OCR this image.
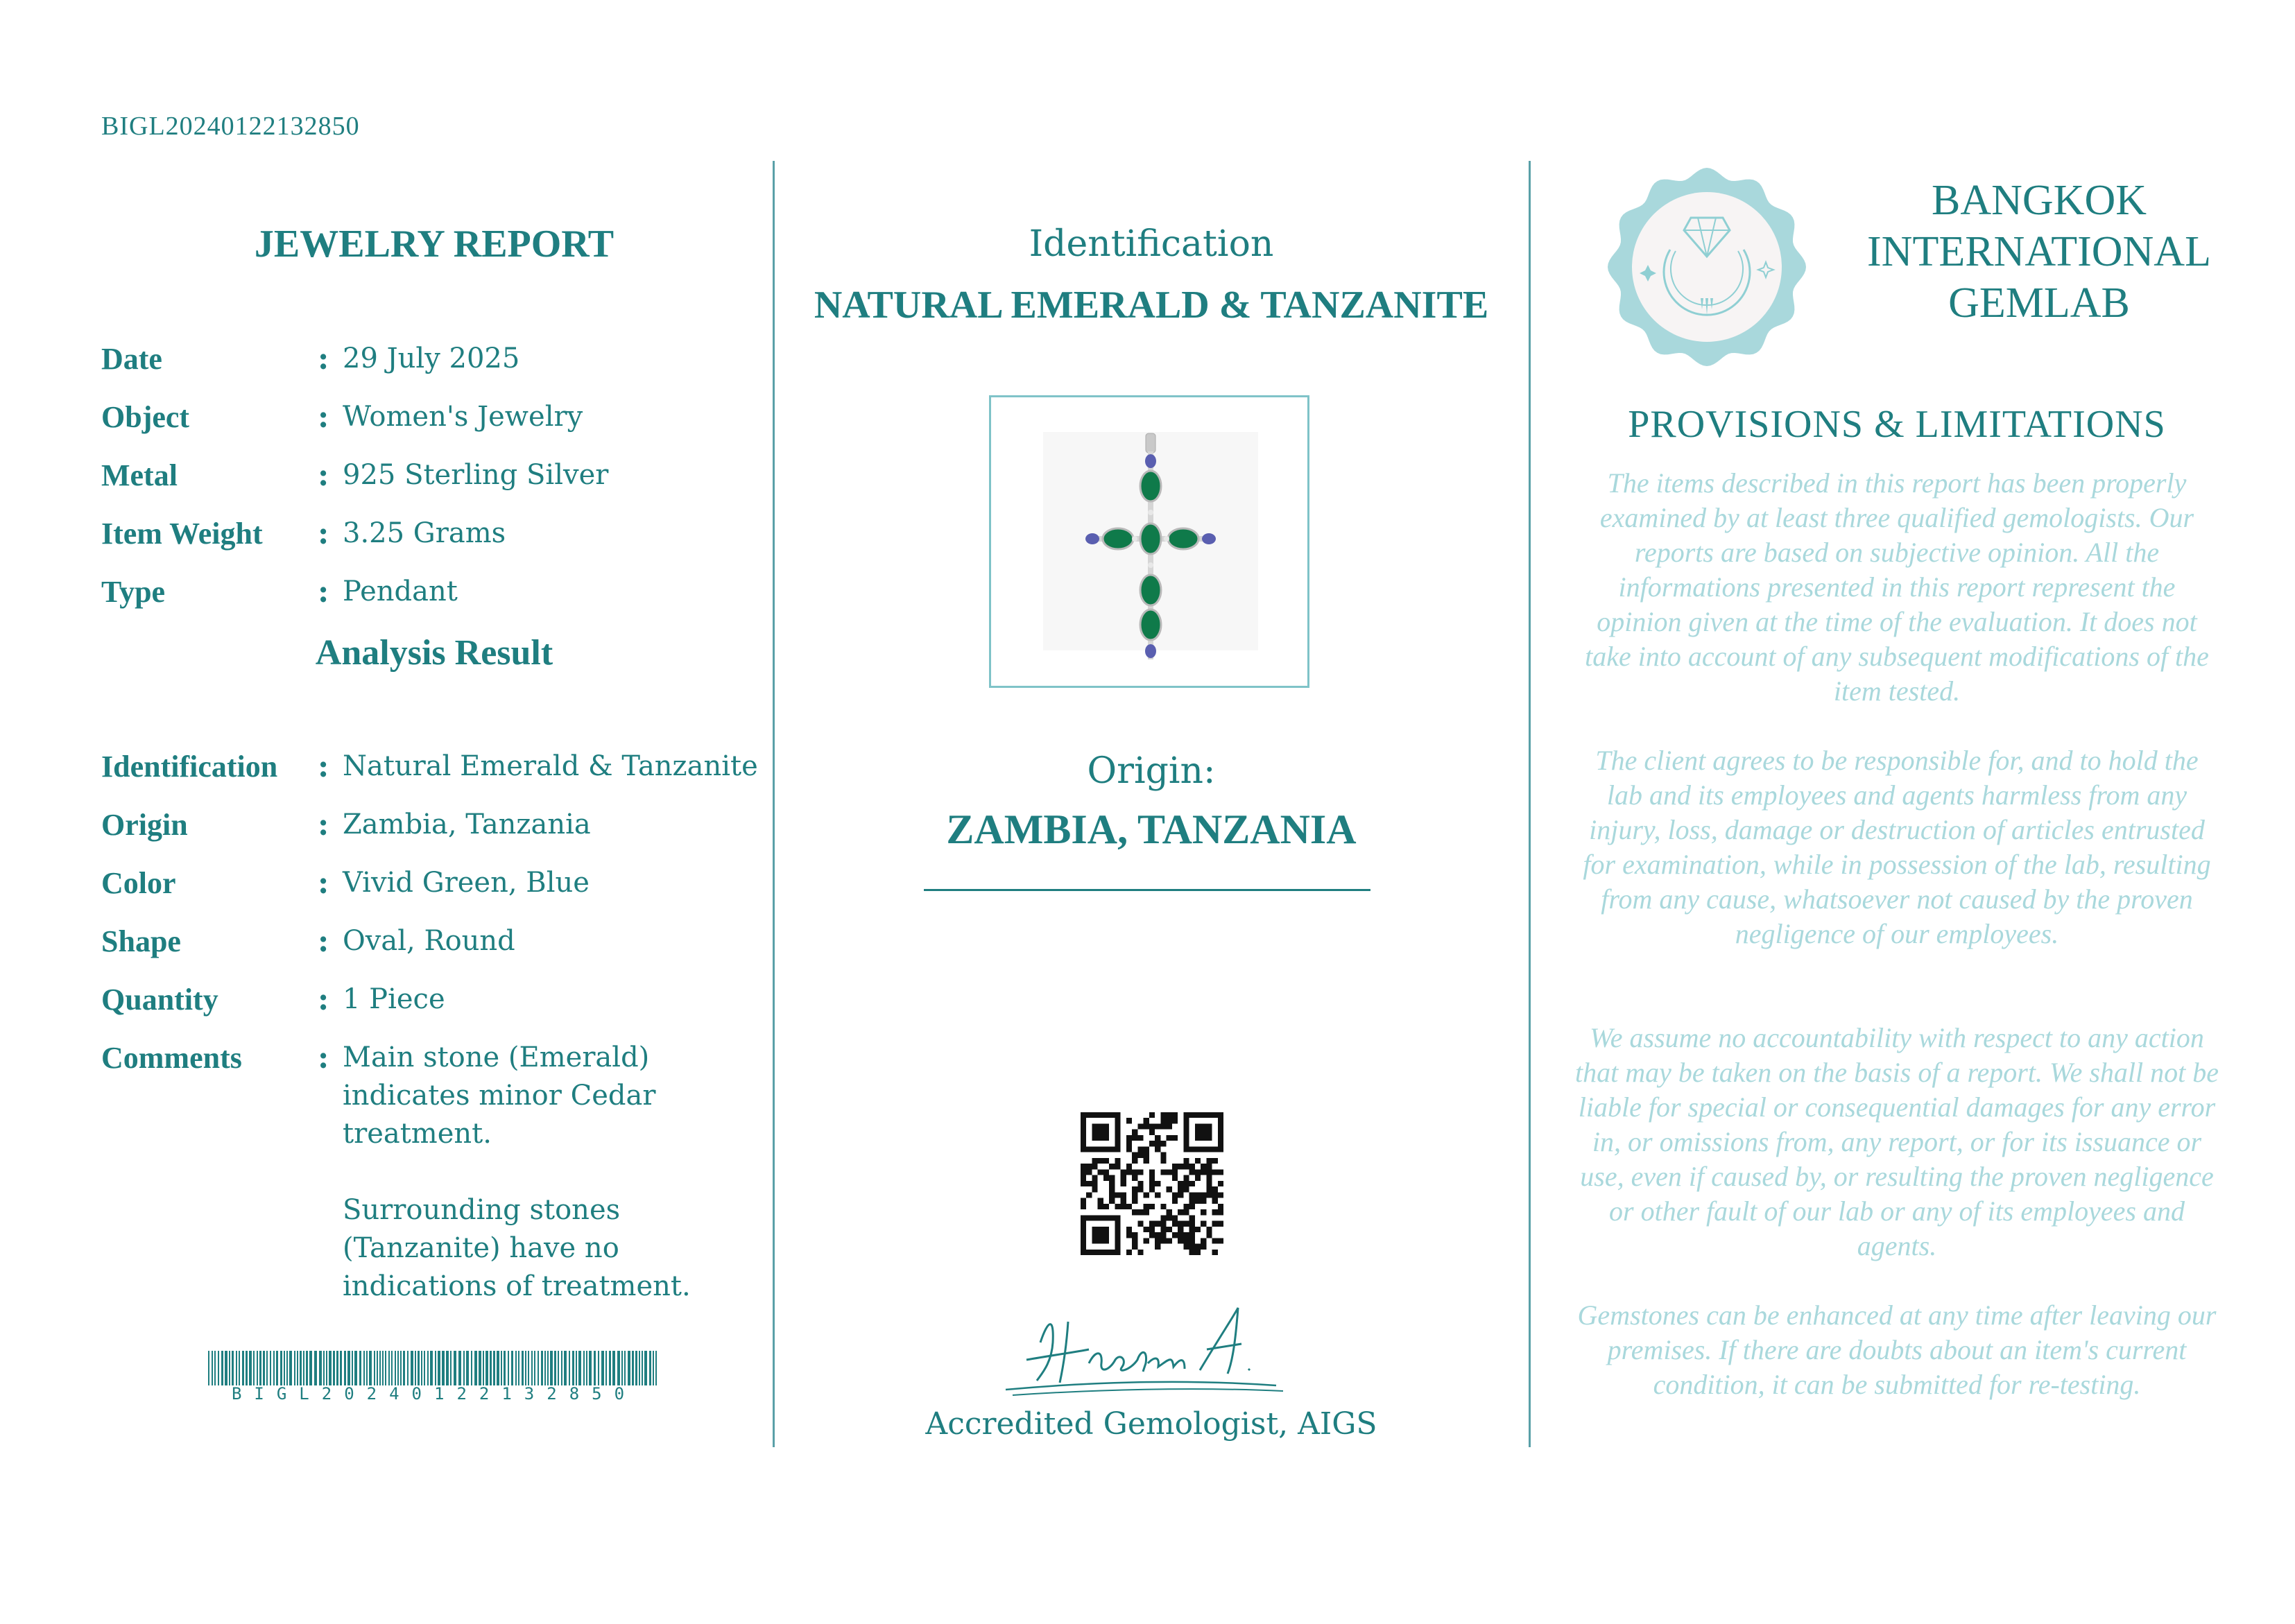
BIGL20240122132850
JEWELRY REPORT
Date	: 29 July 2025
Object	: Women's Jewelry
Metal	: 925 Sterling Silver
Item Weight : 3.25 Grams
Type	: Pendant
Analysis Result
Identification : Natural Emerald & Tanzanite
Origin	: Zambia, Tanzania
Color	: Vivid Green, Blue
Shape	: Oval, Round
Quantity	: 1 Piece
Comments : Main stone (Emerald)
indicates minor Cedar
treatment.

Surrounding stones
(Tanzanite) have no
indications of treatment.
BIGL20240122132850
Identification
NATURAL EMERALD & TANZANITE
Origin:
ZAMBIA, TANZANIA
Accredited Gemologist, AIGS
BANGKOK
INTERNATIONAL
GEMLAB
PROVISIONS & LIMITATIONS
The items described in this report has been properly examined by at least three qualified gemologists. Our reports are based on subjective opinion. All the informations presented in this report represent the opinion given at the time of the evaluation. It does not take into account of any subsequent modifications of the item tested.
The client agrees to be responsible for, and to hold the lab and its employees and agents harmless from any injury, loss, damage or destruction of articles entrusted for examination, while in possession of the lab, resulting from any cause, whatsoever not caused by the proven negligence of our employees.
We assume no accountability with respect to any action that may be taken on the basis of a report. We shall not be liable for special or consequential damages for any error in, or omissions from, any report, or for its issuance or use, even if caused by, or resulting the proven negligence or other fault of our lab or any of its employees and agents.
Gemstones can be enhanced at any time after leaving our premises. If there are doubts about an item's current condition, it can be submitted for re-testing.
